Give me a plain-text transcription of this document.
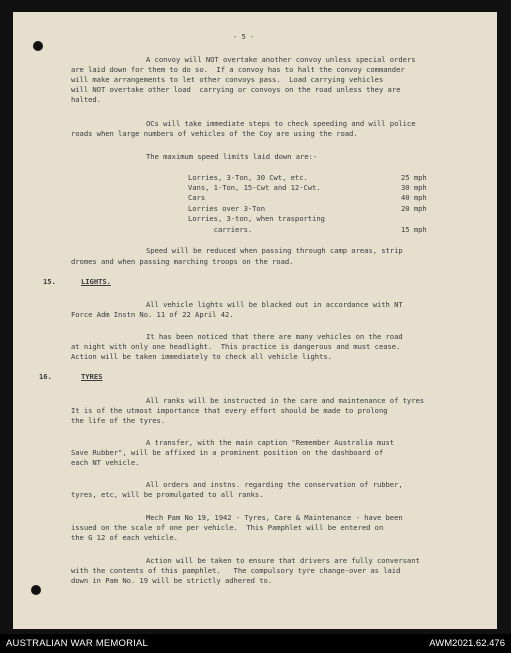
- 5 -
A convoy will NOT overtake another convoy unless special orders
are laid down for them to do so.  If a convoy has to halt the convoy commander
will make arrangements to let other convoys pass.  Load carrying vehicles
will NOT overtake other load  carrying or convoys on the road unless they are
halted.
OCs will take immediate steps to check speeding and will police
roads when large numbers of vehicles of the Coy are using the road.
The maximum speed limits laid down are:-
Lorries, 3-Ton, 30 Cwt, etc.	25 mph
Vans, 1-Ton, 15-Cwt and 12-Cwt.	30 mph
Cars	40 mph
Lorries over 3-Ton	20 mph
Lorries, 3-ton, when trasporting
carriers.	15 mph
Speed will be reduced when passing through camp areas, strip
dromes and when passing marching troops on the road.
15.	LIGHTS.
All vehicle lights will be blacked out in accordance with NT
Force Adm Instn No. 11 of 22 April 42.
It has been noticed that there are many vehicles on the road
at night with only one headlight.  This practice is dangerous and must cease.
Action will be taken immediately to check all vehicle lights.
16.	TYRES
All ranks will be instructed in the care and maintenance of tyres
It is of the utmost importance that every effort should be made to prolong
the life of the tyres.
A transfer, with the main caption "Remember Australia must
Save Rubber", will be affixed in a prominent position on the dashboard of
each NT vehicle.
All orders and instns. regarding the conservation of rubber,
tyres, etc, will be promulgated to all ranks.
Mech Pam No 19, 1942 - Tyres, Care & Maintenance - have been
issued on the scale of one per vehicle.  This Pamphlet will be entered on
the G 12 of each vehicle.
Action will be taken to ensure that drivers are fully conversant
with the contents of this pamphlet.   The compulsory tyre change-over as laid
down in Pam No. 19 will be strictly adhered to.
AUSTRALIAN WAR MEMORIAL	AWM2021.62.476
